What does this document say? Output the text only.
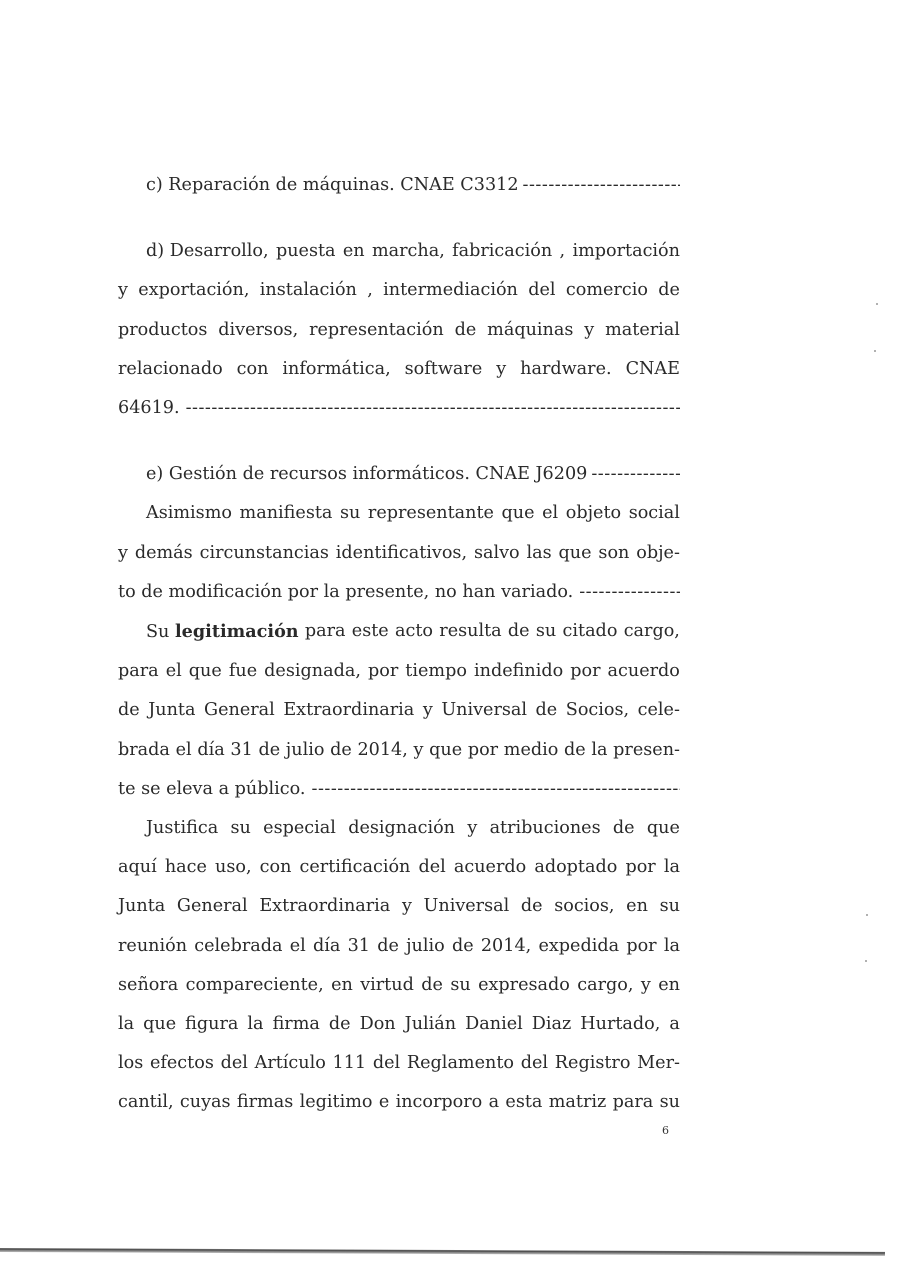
c) Reparación de máquinas. CNAE C3312
-----
d) Desarrollo, puesta en marcha, fabricación , importación
y exportación, instalación , intermediación del comercio de
productos diversos, representación de máquinas y material
relacionado con informática, software y hardware. CNAE
64619.
-----
e) Gestión de recursos informáticos. CNAE J6209
-----
Asimismo manifiesta su representante que el objeto social
y demás circunstancias identificativos, salvo las que son obje-
to de modificación por la presente, no han variado.
-----
Su legitimación para este acto resulta de su citado cargo,
para el que fue designada, por tiempo indefinido por acuerdo
de Junta General Extraordinaria y Universal de Socios, cele-
brada el día 31 de julio de 2014, y que por medio de la presen-
te se eleva a público.
-----
Justifica su especial designación y atribuciones de que
aquí hace uso, con certificación del acuerdo adoptado por la
Junta General Extraordinaria y Universal de socios, en su
reunión celebrada el día 31 de julio de 2014, expedida por la
señora compareciente, en virtud de su expresado cargo, y en
la que figura la firma de Don Julián Daniel Diaz Hurtado, a
los efectos del Artículo 111 del Reglamento del Registro Mer-
cantil, cuyas firmas legitimo e incorporo a esta matriz para su
6
